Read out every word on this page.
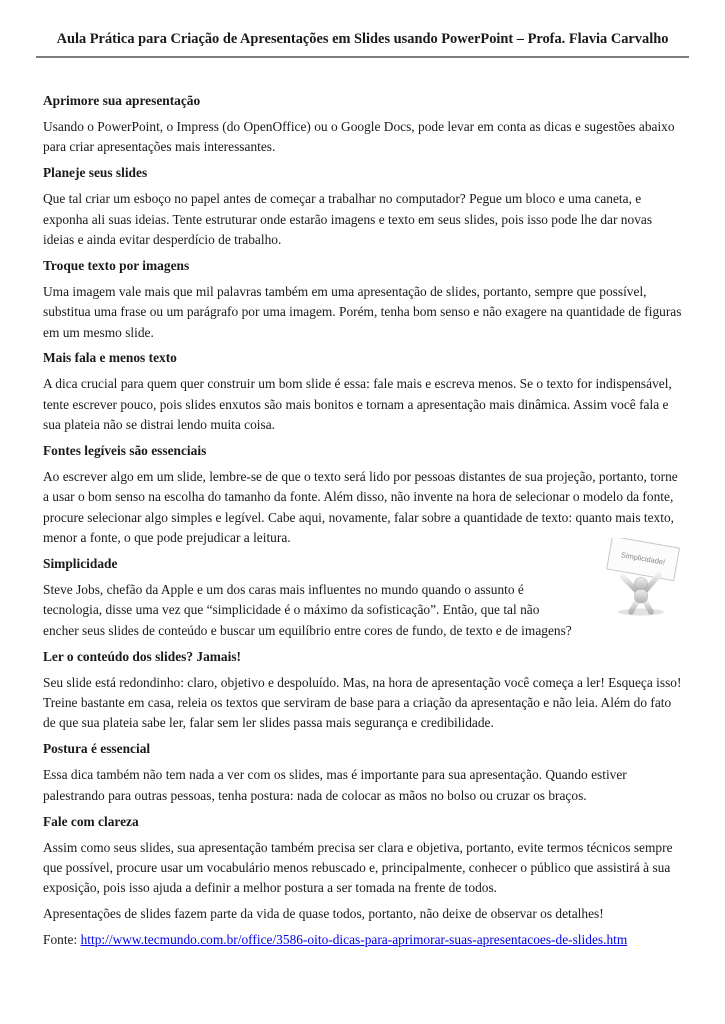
Aula Prática para Criação de Apresentações em Slides usando PowerPoint – Profa. Flavia Carvalho
Aprimore sua apresentação

Usando o PowerPoint, o Impress (do OpenOffice) ou o Google Docs, pode levar em conta as dicas e sugestões abaixo para criar apresentações mais interessantes.

Planeje seus slides

Que tal criar um esboço no papel antes de começar a trabalhar no computador? Pegue um bloco e uma caneta, e exponha ali suas ideias. Tente estruturar onde estarão imagens e texto em seus slides, pois isso pode lhe dar novas ideias e ainda evitar desperdício de trabalho.

Troque texto por imagens

Uma imagem vale mais que mil palavras também em uma apresentação de slides, portanto, sempre que possível, substitua uma frase ou um parágrafo por uma imagem. Porém, tenha bom senso e não exagere na quantidade de figuras em um mesmo slide.

Mais fala e menos texto

A dica crucial para quem quer construir um bom slide é essa: fale mais e escreva menos. Se o texto for indispensável, tente escrever pouco, pois slides enxutos são mais bonitos e tornam a apresentação mais dinâmica. Assim você fala e sua plateia não se distrai lendo muita coisa.

Fontes legíveis são essenciais

Ao escrever algo em um slide, lembre-se de que o texto será lido por pessoas distantes de sua projeção, portanto, torne a usar o bom senso na escolha do tamanho da fonte. Além disso, não invente na hora de selecionar o modelo da fonte, procure selecionar algo simples e legível. Cabe aqui, novamente, falar sobre a quantidade de texto: quanto mais texto, menor a fonte, o que pode prejudicar a leitura.

Simplicidade!
Simplicidade

Steve Jobs, chefão da Apple e um dos caras mais influentes no mundo quando o assunto é tecnologia, disse uma vez que “simplicidade é o máximo da sofisticação”. Então, que tal não encher seus slides de conteúdo e buscar um equilíbrio entre cores de fundo, de texto e de imagens?

Ler o conteúdo dos slides? Jamais!

Seu slide está redondinho: claro, objetivo e despoluído. Mas, na hora de apresentação você começa a ler! Esqueça isso! Treine bastante em casa, releia os textos que serviram de base para a criação da apresentação e não leia. Além do fato de que sua plateia sabe ler, falar sem ler slides passa mais segurança e credibilidade.

Postura é essencial

Essa dica também não tem nada a ver com os slides, mas é importante para sua apresentação. Quando estiver palestrando para outras pessoas, tenha postura: nada de colocar as mãos no bolso ou cruzar os braços.

Fale com clareza

Assim como seus slides, sua apresentação também precisa ser clara e objetiva, portanto, evite termos técnicos sempre que possível, procure usar um vocabulário menos rebuscado e, principalmente, conhecer o público que assistirá à sua exposição, pois isso ajuda a definir a melhor postura a ser tomada na frente de todos.

Apresentações de slides fazem parte da vida de quase todos, portanto, não deixe de observar os detalhes!

Fonte: http://www.tecmundo.com.br/office/3586-oito-dicas-para-aprimorar-suas-apresentacoes-de-slides.htm
